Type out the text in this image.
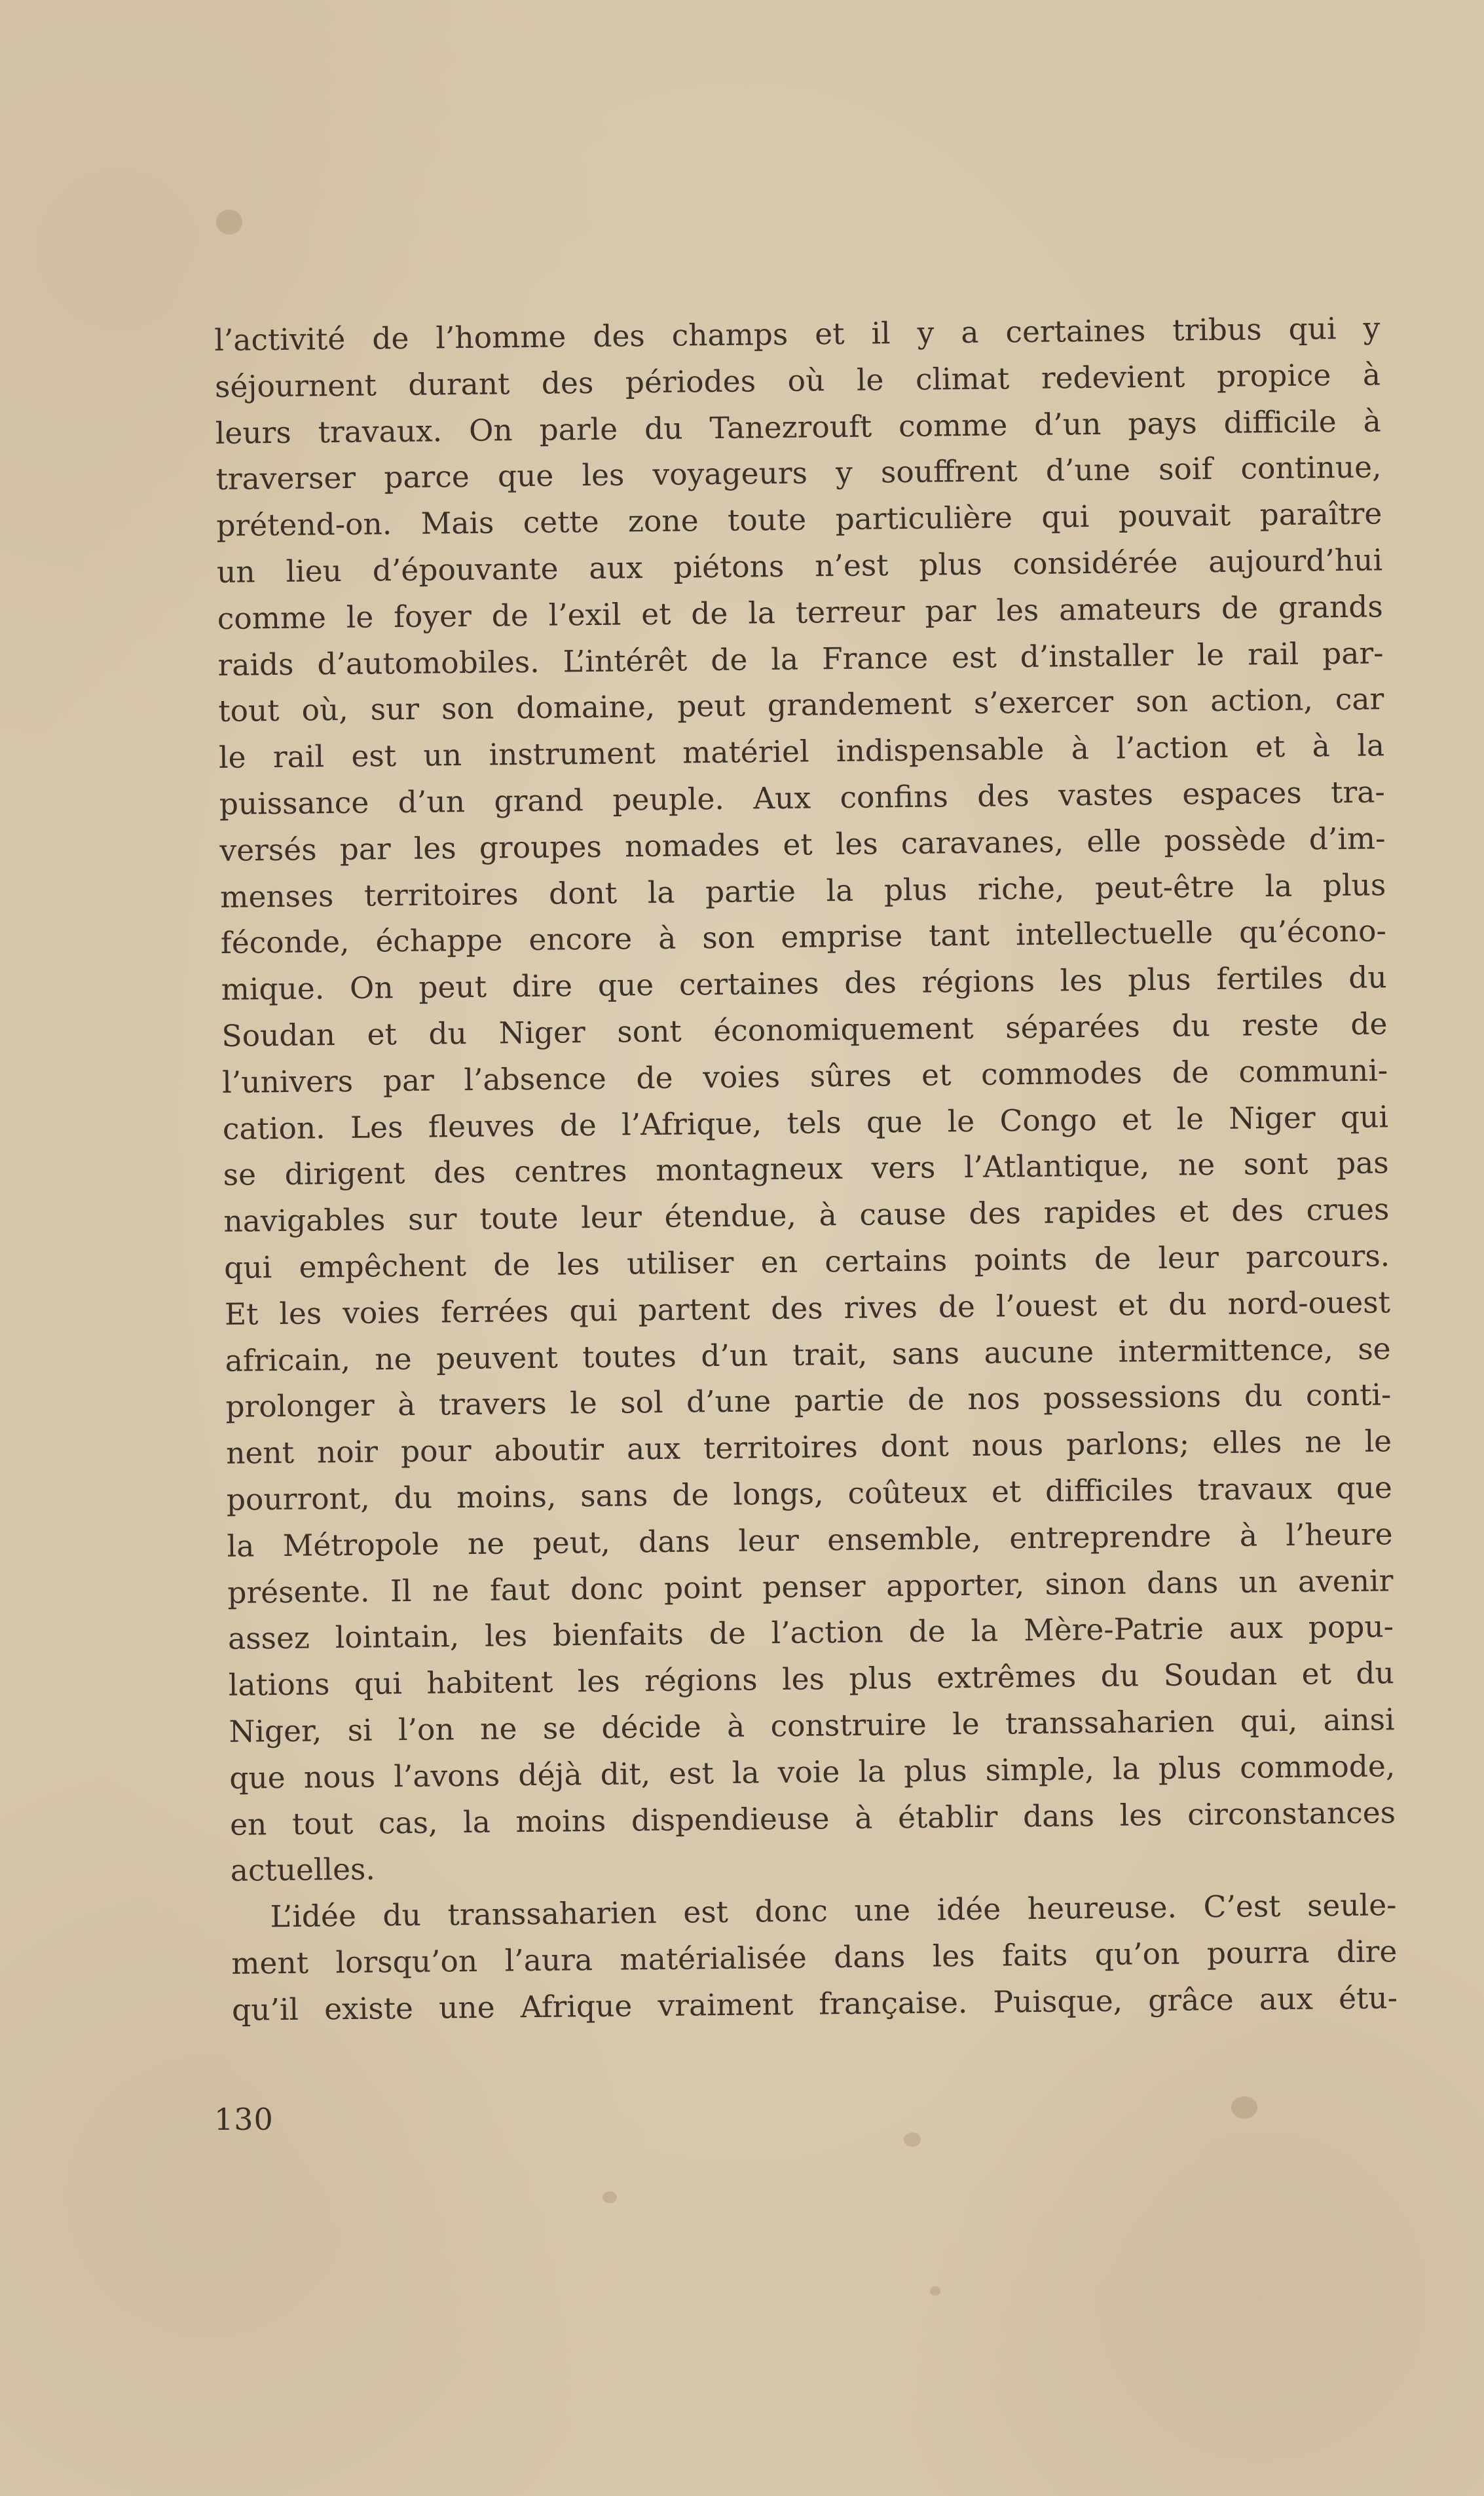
l’activité de l’homme des champs et il y a certaines tribus qui y
séjournent durant des périodes où le climat redevient propice à
leurs travaux. On parle du Tanezrouft comme d’un pays difficile à
traverser parce que les voyageurs y souffrent d’une soif continue,
prétend-on. Mais cette zone toute particulière qui pouvait paraître
un lieu d’épouvante aux piétons n’est plus considérée aujourd’hui
comme le foyer de l’exil et de la terreur par les amateurs de grands
raids d’automobiles. L’intérêt de la France est d’installer le rail par-
tout où, sur son domaine, peut grandement s’exercer son action, car
le rail est un instrument matériel indispensable à l’action et à la
puissance d’un grand peuple. Aux confins des vastes espaces tra-
versés par les groupes nomades et les caravanes, elle possède d’im-
menses territoires dont la partie la plus riche, peut-être la plus
féconde, échappe encore à son emprise tant intellectuelle qu’écono-
mique. On peut dire que certaines des régions les plus fertiles du
Soudan et du Niger sont économiquement séparées du reste de
l’univers par l’absence de voies sûres et commodes de communi-
cation. Les fleuves de l’Afrique, tels que le Congo et le Niger qui
se dirigent des centres montagneux vers l’Atlantique, ne sont pas
navigables sur toute leur étendue, à cause des rapides et des crues
qui empêchent de les utiliser en certains points de leur parcours.
Et les voies ferrées qui partent des rives de l’ouest et du nord-ouest
africain, ne peuvent toutes d’un trait, sans aucune intermittence, se
prolonger à travers le sol d’une partie de nos possessions du conti-
nent noir pour aboutir aux territoires dont nous parlons; elles ne le
pourront, du moins, sans de longs, coûteux et difficiles travaux que
la Métropole ne peut, dans leur ensemble, entreprendre à l’heure
présente. Il ne faut donc point penser apporter, sinon dans un avenir
assez lointain, les bienfaits de l’action de la Mère-Patrie aux popu-
lations qui habitent les régions les plus extrêmes du Soudan et du
Niger, si l’on ne se décide à construire le transsaharien qui, ainsi
que nous l’avons déjà dit, est la voie la plus simple, la plus commode,
en tout cas, la moins dispendieuse à établir dans les circonstances
actuelles.
L’idée du transsaharien est donc une idée heureuse. C’est seule-
ment lorsqu’on l’aura matérialisée dans les faits qu’on pourra dire
qu’il existe une Afrique vraiment française. Puisque, grâce aux étu-
130
